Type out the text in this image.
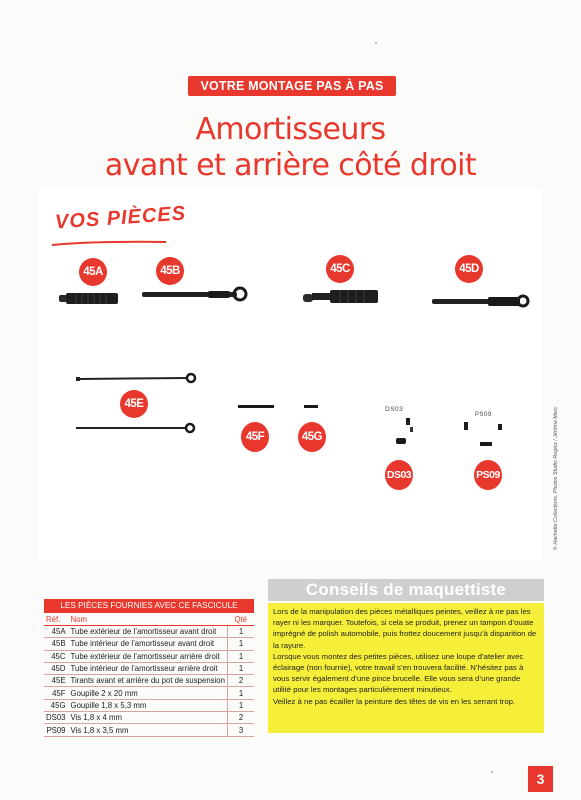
VOTRE MONTAGE PAS À PAS
Amortisseurs
avant et arrière côté droit
VOS PIÈCES
DS03
PS09
45A	45B	45C	45D
45E
45F	45G
DS03	PS09	© Hachette Collections. Photos Studio Reglez / Jérôme Marc
LES PIÈCES FOURNIES AVEC CE FASCICULE
Réf.	Nom	Qté
45A	Tube extérieur de l’amortisseur avant droit	1
45B	Tube intérieur de l’amortisseur avant droit	1
45C	Tube extérieur de l’amortisseur arrière droit	1
45D	Tube intérieur de l’amortisseur arrière droit	1
45E	Tirants avant et arrière du pot de suspension	2
45F	Goupille 2 x 20 mm	1
45G	Goupille 1,8 x 5,3 mm	1
DS03	Vis 1,8 x 4 mm	2
PS09	Vis 1,8 x 3,5 mm	3
Conseils de maquettiste

Lors de la manipulation des pièces métalliques peintes, veillez à ne pas les rayer ni les marquer. Toutefois, si cela se produit, prenez un tampon d’ouate imprégné de polish automobile, puis frottez doucement jusqu’à disparition de la rayure.

Lorsque vous montez des petites pièces, utilisez une loupe d’atelier avec éclairage (non fournie), votre travail s’en trouvera facilité. N’hésitez pas à vous servir également d’une pince brucelle. Elle vous sera d’une grande utilité pour les montages particulièrement minutieux.

Veillez à ne pas écailler la peinture des têtes de vis en les serrant trop.

3
